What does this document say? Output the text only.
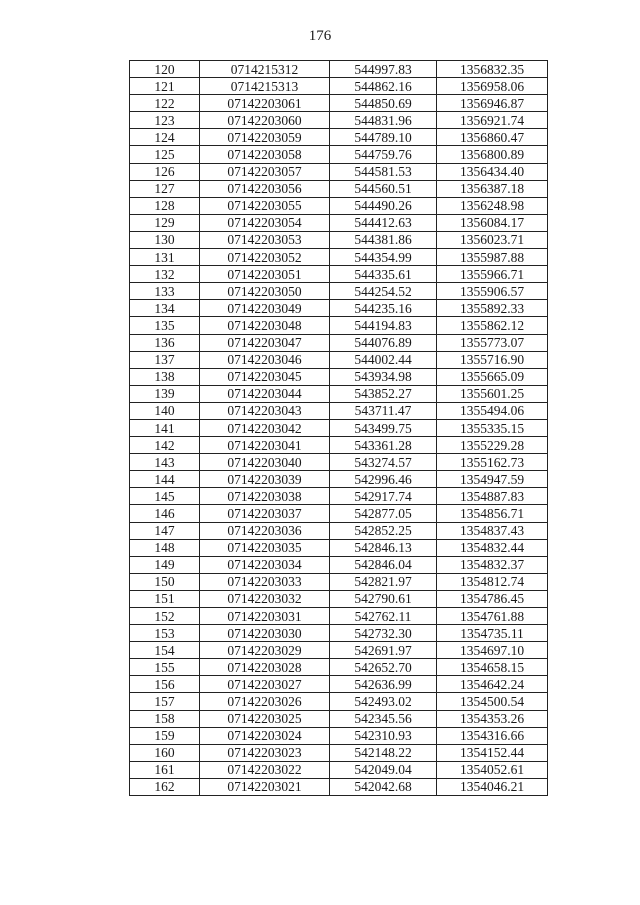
176
120	0714215312	544997.83	1356832.35
121	0714215313	544862.16	1356958.06
122	07142203061	544850.69	1356946.87
123	07142203060	544831.96	1356921.74
124	07142203059	544789.10	1356860.47
125	07142203058	544759.76	1356800.89
126	07142203057	544581.53	1356434.40
127	07142203056	544560.51	1356387.18
128	07142203055	544490.26	1356248.98
129	07142203054	544412.63	1356084.17
130	07142203053	544381.86	1356023.71
131	07142203052	544354.99	1355987.88
132	07142203051	544335.61	1355966.71
133	07142203050	544254.52	1355906.57
134	07142203049	544235.16	1355892.33
135	07142203048	544194.83	1355862.12
136	07142203047	544076.89	1355773.07
137	07142203046	544002.44	1355716.90
138	07142203045	543934.98	1355665.09
139	07142203044	543852.27	1355601.25
140	07142203043	543711.47	1355494.06
141	07142203042	543499.75	1355335.15
142	07142203041	543361.28	1355229.28
143	07142203040	543274.57	1355162.73
144	07142203039	542996.46	1354947.59
145	07142203038	542917.74	1354887.83
146	07142203037	542877.05	1354856.71
147	07142203036	542852.25	1354837.43
148	07142203035	542846.13	1354832.44
149	07142203034	542846.04	1354832.37
150	07142203033	542821.97	1354812.74
151	07142203032	542790.61	1354786.45
152	07142203031	542762.11	1354761.88
153	07142203030	542732.30	1354735.11
154	07142203029	542691.97	1354697.10
155	07142203028	542652.70	1354658.15
156	07142203027	542636.99	1354642.24
157	07142203026	542493.02	1354500.54
158	07142203025	542345.56	1354353.26
159	07142203024	542310.93	1354316.66
160	07142203023	542148.22	1354152.44
161	07142203022	542049.04	1354052.61
162	07142203021	542042.68	1354046.21
